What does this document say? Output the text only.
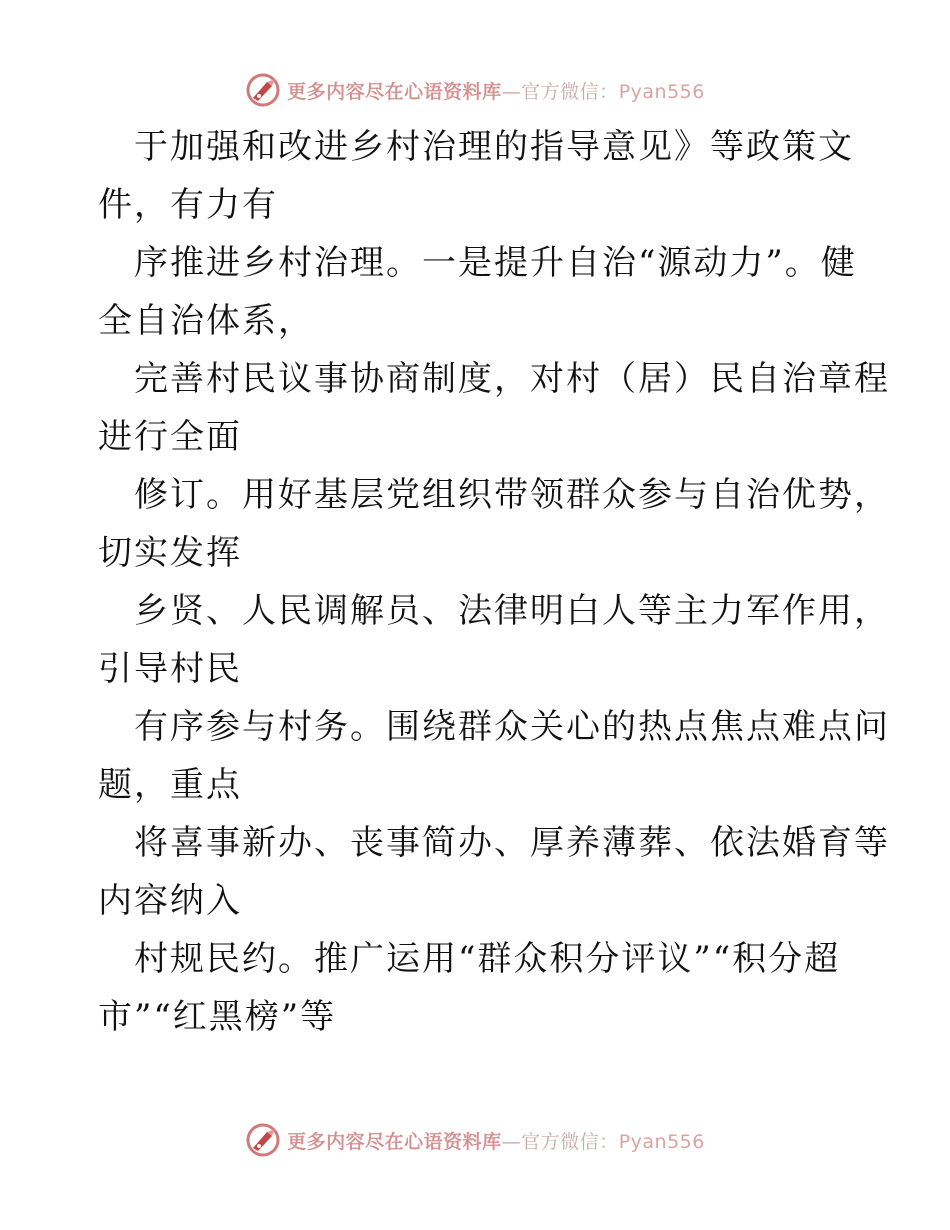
更多内容尽在心语资料库—官方微信：Pyan556
于加强和改进乡村治理的指导意见》等政策文
件，有力有
序推进乡村治理。一是提升自治“源动力”。健
全自治体系，
完善村民议事协商制度，对村（居）民自治章程
进行全面
修订。用好基层党组织带领群众参与自治优势，
切实发挥
乡贤、人民调解员、法律明白人等主力军作用，
引导村民
有序参与村务。围绕群众关心的热点焦点难点问
题，重点
将喜事新办、丧事简办、厚养薄葬、依法婚育等
内容纳入
村规民约。推广运用“群众积分评议”“积分超
市”“红黑榜”等
更多内容尽在心语资料库—官方微信：Pyan556
